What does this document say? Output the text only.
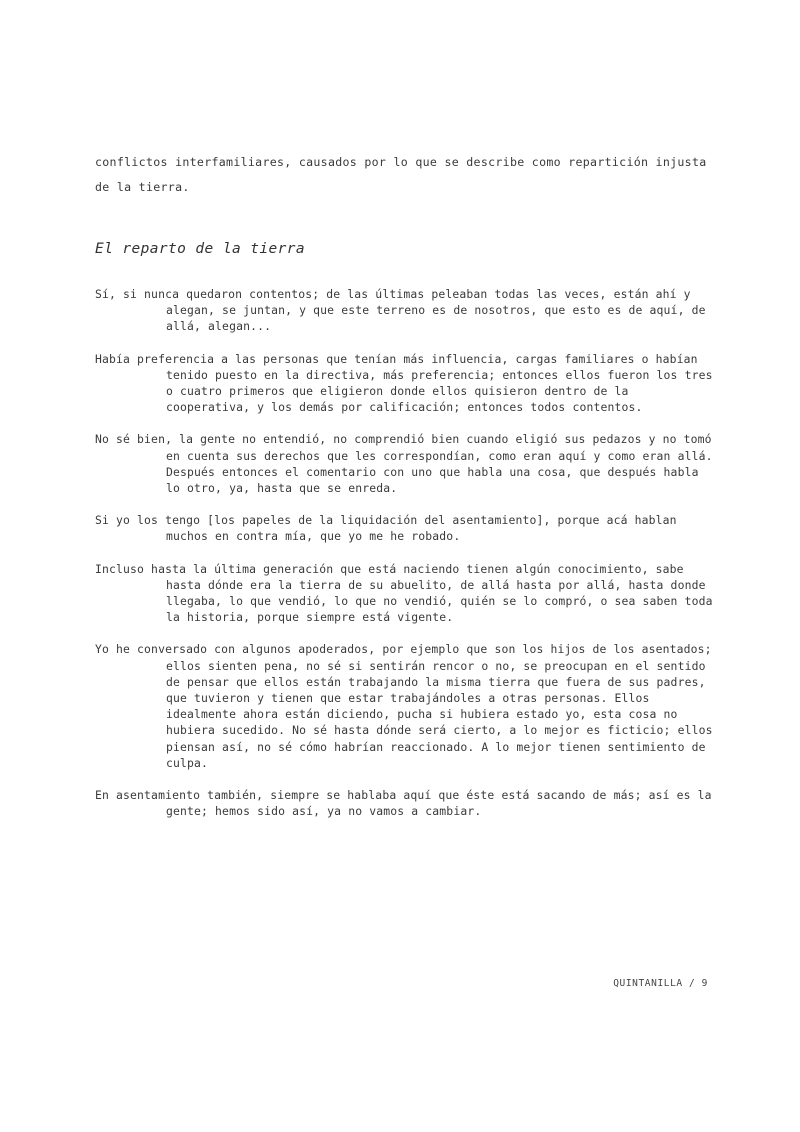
conflictos interfamiliares, causados por lo que se describe como repartición injusta de la tierra.

El reparto de la tierra

Sí, si nunca quedaron contentos; de las últimas peleaban todas las veces, están ahí y alegan, se juntan, y que este terreno es de nosotros, que esto es de aquí, de allá, alegan...

Había preferencia a las personas que tenían más influencia, cargas familiares o habían tenido puesto en la directiva, más preferencia; entonces ellos fueron los tres o cuatro primeros que eligieron donde ellos quisieron dentro de la cooperativa, y los demás por calificación; entonces todos contentos.

No sé bien, la gente no entendió, no comprendió bien cuando eligió sus pedazos y no tomó en cuenta sus derechos que les correspondían, como eran aquí y como eran allá. Después entonces el comentario con uno que habla una cosa, que después habla lo otro, ya, hasta que se enreda.

Si yo los tengo [los papeles de la liquidación del asentamiento], porque acá hablan muchos en contra mía, que yo me he robado.

Incluso hasta la última generación que está naciendo tienen algún conocimiento, sabe hasta dónde era la tierra de su abuelito, de allá hasta por allá, hasta donde llegaba, lo que vendió, lo que no vendió, quién se lo compró, o sea saben toda la historia, porque siempre está vigente.

Yo he conversado con algunos apoderados, por ejemplo que son los hijos de los asentados; ellos sienten pena, no sé si sentirán rencor o no, se preocupan en el sentido de pensar que ellos están trabajando la misma tierra que fuera de sus padres, que tuvieron y tienen que estar trabajándoles a otras personas. Ellos idealmente ahora están diciendo, pucha si hubiera estado yo, esta cosa no hubiera sucedido. No sé hasta dónde será cierto, a lo mejor es ficticio; ellos piensan así, no sé cómo habrían reaccionado. A lo mejor tienen sentimiento de culpa.

En asentamiento también, siempre se hablaba aquí que éste está sacando de más; así es la gente; hemos sido así, ya no vamos a cambiar.

QUINTANILLA / 9
